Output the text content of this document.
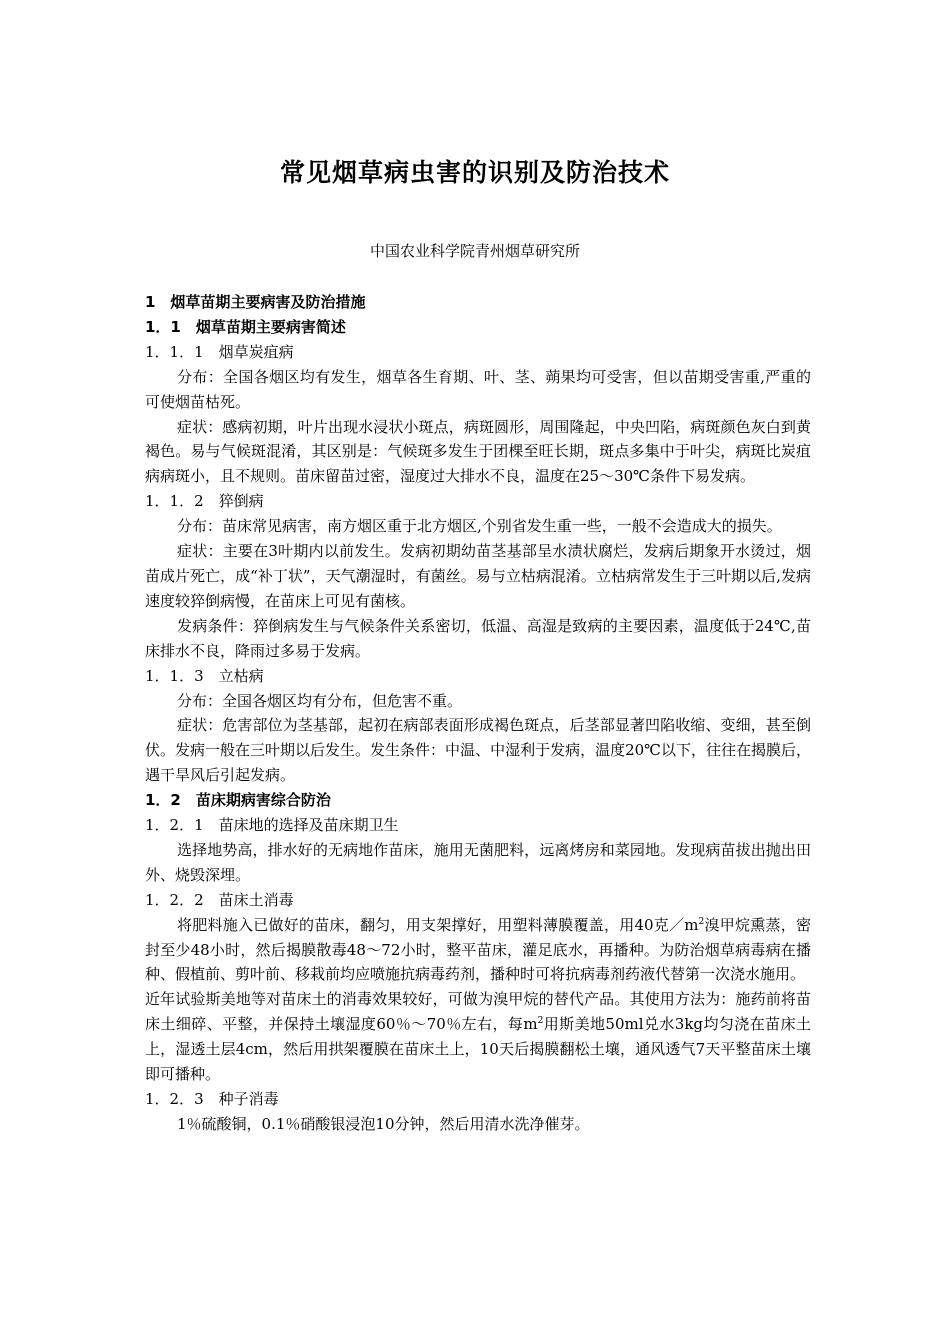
常见烟草病虫害的识别及防治技术
中国农业科学院青州烟草研究所

1　烟草苗期主要病害及防治措施

1．1　烟草苗期主要病害简述

1．1．1　烟草炭疽病

分布：全国各烟区均有发生，烟草各生育期、叶、茎、蒴果均可受害，但以苗期受害重,严重的可使烟苗枯死。

症状：感病初期，叶片出现水浸状小斑点，病斑圆形，周围隆起，中央凹陷，病斑颜色灰白到黄褐色。易与气候斑混淆，其区别是：气候斑多发生于团棵至旺长期，斑点多集中于叶尖，病斑比炭疽病病斑小，且不规则。苗床留苗过密，湿度过大排水不良，温度在25～30℃条件下易发病。

1．1．2　猝倒病

分布：苗床常见病害，南方烟区重于北方烟区,个别省发生重一些，一般不会造成大的损失。

症状：主要在3叶期内以前发生。发病初期幼苗茎基部呈水渍状腐烂，发病后期象开水烫过，烟苗成片死亡，成“补丁状”，天气潮湿时，有菌丝。易与立枯病混淆。立枯病常发生于三叶期以后,发病速度较猝倒病慢，在苗床上可见有菌核。

发病条件：猝倒病发生与气候条件关系密切，低温、高湿是致病的主要因素，温度低于24℃,苗床排水不良，降雨过多易于发病。

1．1．3　立枯病

分布：全国各烟区均有分布，但危害不重。

症状：危害部位为茎基部，起初在病部表面形成褐色斑点，后茎部显著凹陷收缩、变细，甚至倒伏。发病一般在三叶期以后发生。发生条件：中温、中湿利于发病，温度20℃以下，往往在揭膜后，遇干旱风后引起发病。

1．2　苗床期病害综合防治

1．2．1　苗床地的选择及苗床期卫生

选择地势高，排水好的无病地作苗床，施用无菌肥料，远离烤房和菜园地。发现病苗拔出抛出田外、烧毁深埋。

1．2．2　苗床土消毒

将肥料施入已做好的苗床，翻匀，用支架撑好，用塑料薄膜覆盖，用40克$/m^2$溴甲烷熏蒸，密封至少48小时，然后揭膜散毒48～72小时，整平苗床，灌足底水，再播种。为防治烟草病毒病在播种、假植前、剪叶前、移栽前均应喷施抗病毒药剂，播种时可将抗病毒剂药液代替第一次浇水施用。

近年试验斯美地等对苗床土的消毒效果较好，可做为溴甲烷的替代产品。其使用方法为：施药前将苗床土细碎、平整，并保持土壤湿度60％～70％左右，每$m^2$用斯美地50ml兑水3kg均匀浇在苗床土上，湿透土层4cm，然后用拱架覆膜在苗床土上，10天后揭膜翻松土壤，通风透气7天平整苗床土壤即可播种。

1．2．3　种子消毒

1％硫酸铜，0.1％硝酸银浸泡10分钟，然后用清水洗净催芽。
